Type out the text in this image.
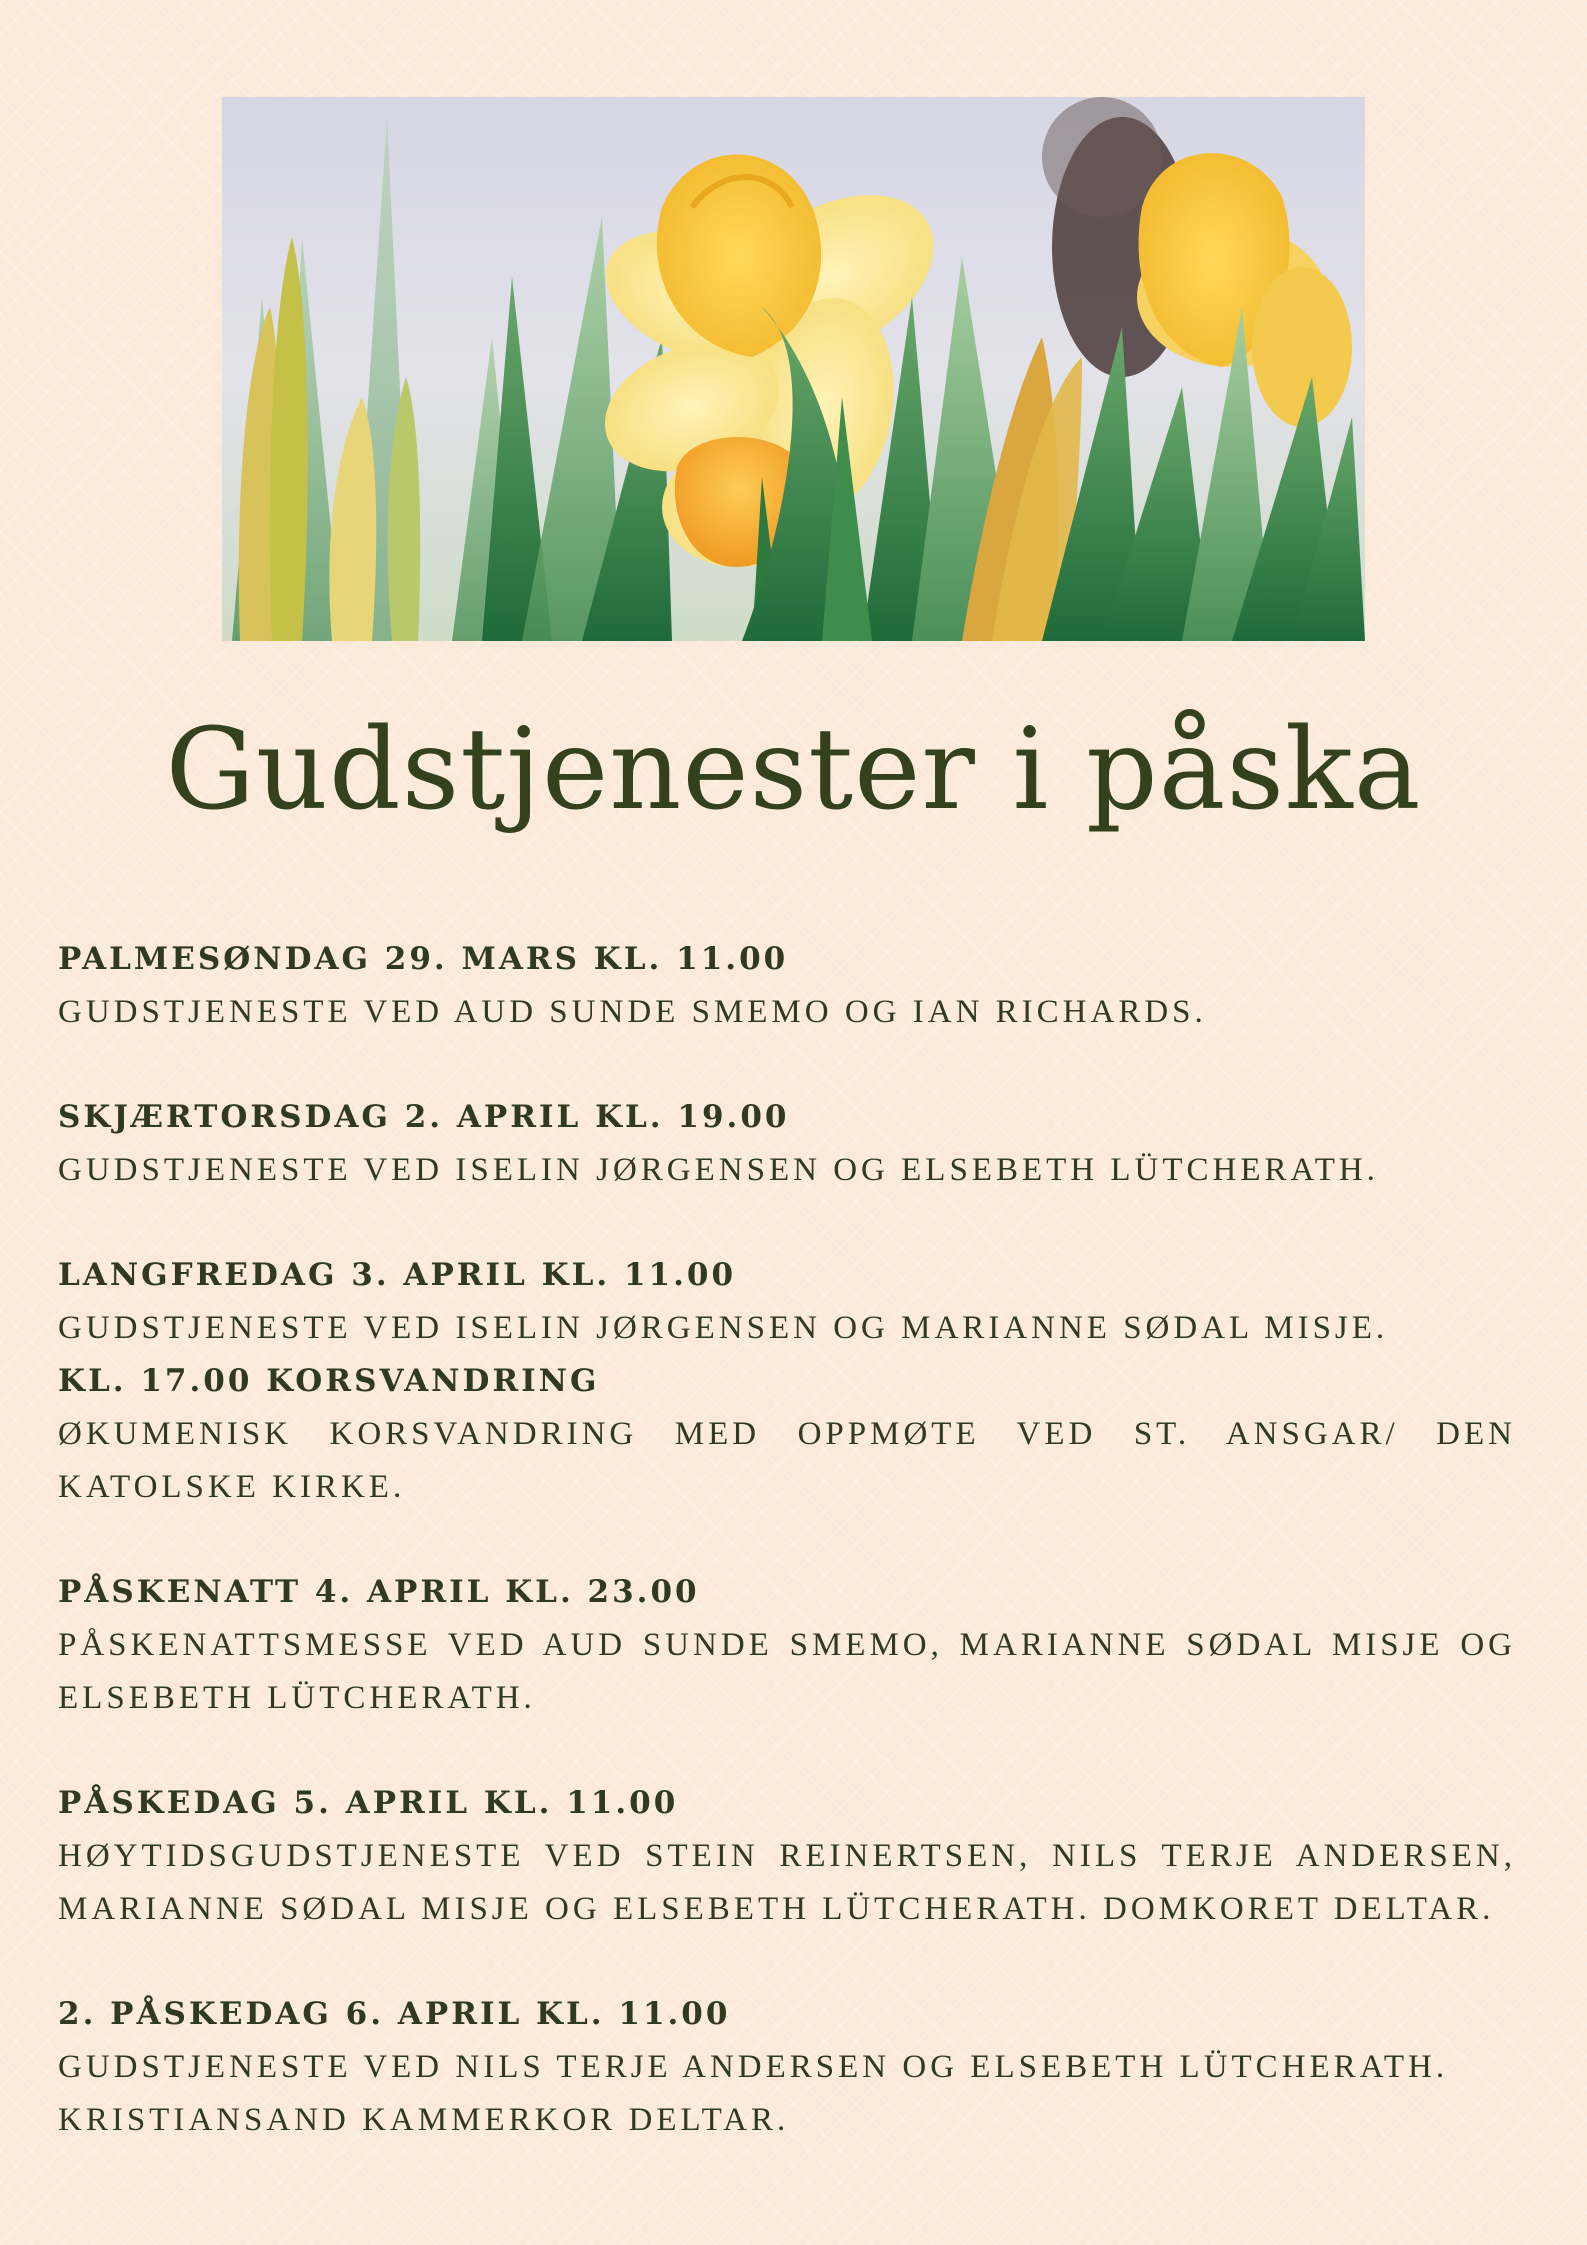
Gudstjenester i påska
PALMESØNDAG 29. MARS KL. 11.00
GUDSTJENESTE VED AUD SUNDE SMEMO OG IAN RICHARDS.
SKJÆRTORSDAG 2. APRIL KL. 19.00
GUDSTJENESTE VED ISELIN JØRGENSEN OG ELSEBETH LÜTCHERATH.
LANGFREDAG 3. APRIL KL. 11.00
GUDSTJENESTE VED ISELIN JØRGENSEN OG MARIANNE SØDAL MISJE.
KL. 17.00 KORSVANDRING
ØKUMENISK KORSVANDRING MED OPPMØTE VED ST. ANSGAR/ DEN KATOLSKE KIRKE.
PÅSKENATT 4. APRIL KL. 23.00
PÅSKENATTSMESSE VED AUD SUNDE SMEMO, MARIANNE SØDAL MISJE OG ELSEBETH LÜTCHERATH.
PÅSKEDAG 5. APRIL KL. 11.00
HØYTIDSGUDSTJENESTE VED STEIN REINERTSEN, NILS TERJE ANDERSEN, MARIANNE SØDAL MISJE OG ELSEBETH LÜTCHERATH. DOMKORET DELTAR.
2. PÅSKEDAG 6. APRIL KL. 11.00
GUDSTJENESTE VED NILS TERJE ANDERSEN OG ELSEBETH LÜTCHERATH.
KRISTIANSAND KAMMERKOR DELTAR.
